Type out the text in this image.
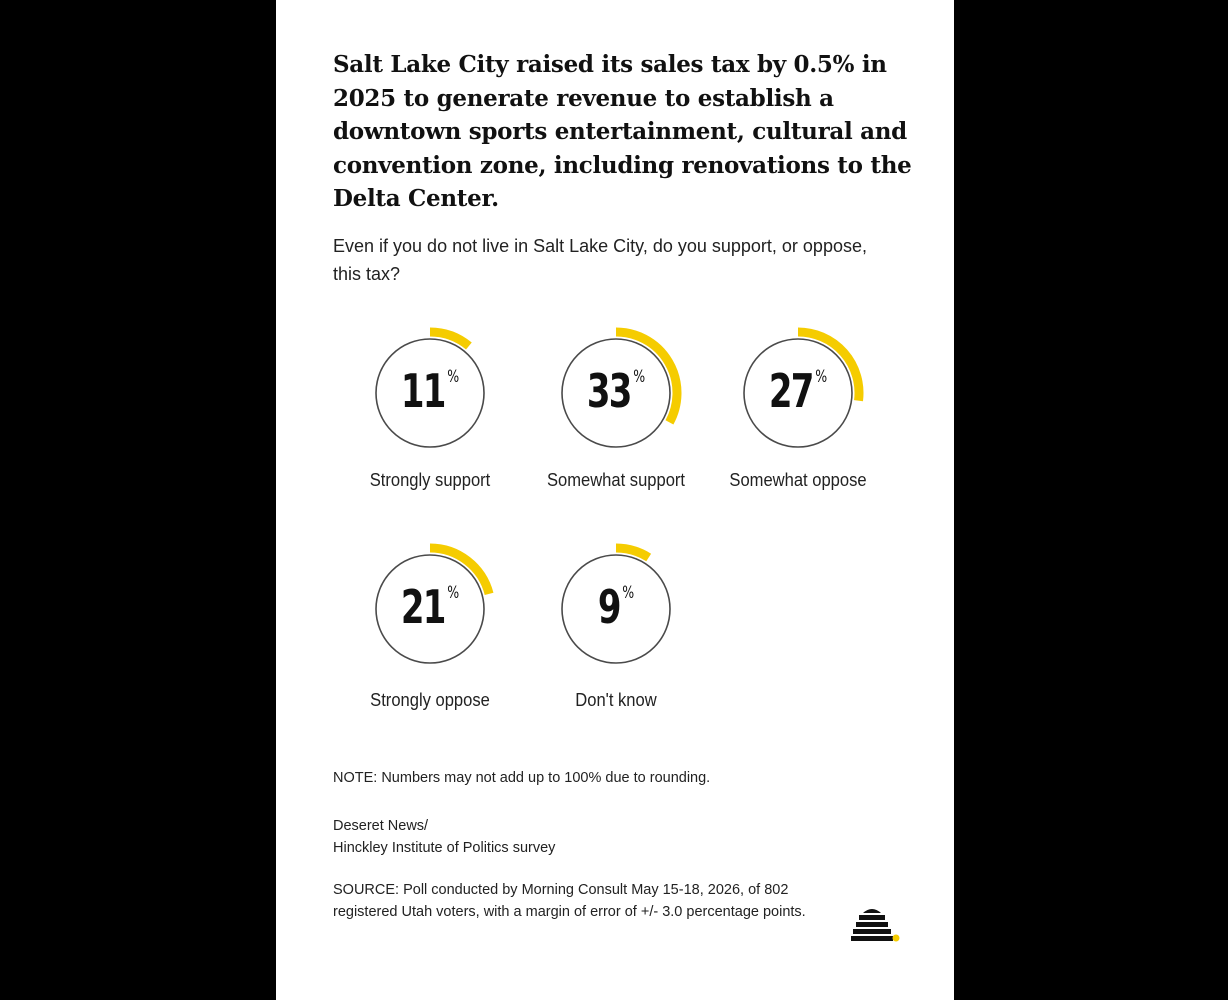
Salt Lake City raised its sales tax by 0.5% in 2025 to generate revenue to establish a downtown sports entertainment, cultural and convention zone, including renovations to the Delta Center.

Even if you do not live in Salt Lake City, do you support, or oppose, this tax?

11 %
Strongly support
33 %
Somewhat support
27 %
Somewhat oppose
21 %
Strongly oppose
9 %
Don't know

NOTE: Numbers may not add up to 100% due to rounding.

Deseret News/
Hinckley Institute of Politics survey

SOURCE: Poll conducted by Morning Consult May 15-18, 2026, of 802 registered Utah voters, with a margin of error of +/- 3.0 percentage points.
